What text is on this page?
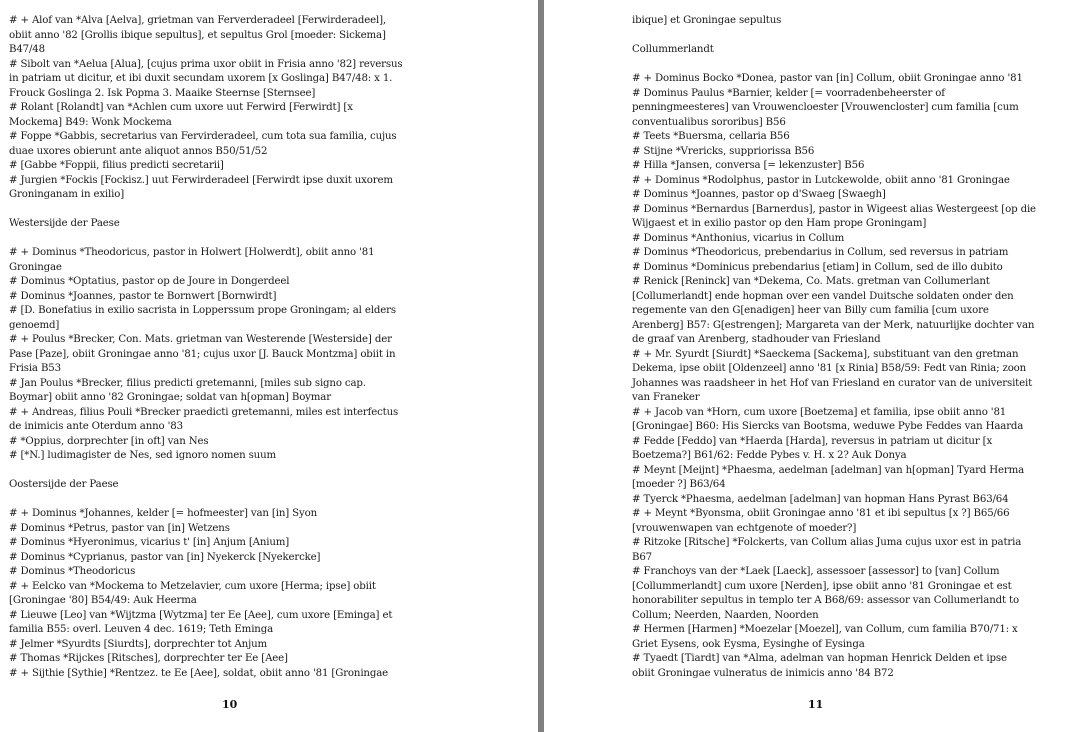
# + Alof van *Alva [Aelva], grietman van Ferverderadeel [Ferwirderadeel],
obiit anno '82 [Grollis ibique sepultus], et sepultus Grol [moeder: Sickema]
B47/48
# Sibolt van *Aelua [Alua], [cujus prima uxor obiit in Frisia anno '82] reversus
in patriam ut dicitur, et ibi duxit secundam uxorem [x Goslinga] B47/48: x 1.
Frouck Goslinga 2. Isk Popma 3. Maaike Steernse [Sternsee]
# Rolant [Rolandt] van *Achlen cum uxore uut Ferwird [Ferwirdt] [x
Mockema] B49: Wonk Mockema
# Foppe *Gabbis, secretarius van Fervirderadeel, cum tota sua familia, cujus
duae uxores obierunt ante aliquot annos B50/51/52
# [Gabbe *Foppii, filius predicti secretarii]
# Jurgien *Fockis [Fockisz.] uut Ferwirderadeel [Ferwirdt ipse duxit uxorem
Groninganam in exilio]
Westersijde der Paese
# + Dominus *Theodoricus, pastor in Holwert [Holwerdt], obiit anno '81
Groningae
# Dominus *Optatius, pastor op de Joure in Dongerdeel
# Dominus *Joannes, pastor te Bornwert [Bornwirdt]
# [D. Bonefatius in exilio sacrista in Lopperssum prope Groningam; al elders
genoemd]
# + Poulus *Brecker, Con. Mats. grietman van Westerende [Westerside] der
Pase [Paze], obiit Groningae anno '81; cujus uxor [J. Bauck Montzma] obiit in
Frisia B53
# Jan Poulus *Brecker, filius predicti gretemanni, [miles sub signo cap.
Boymar] obiit anno '82 Groningae; soldat van h[opman] Boymar
# + Andreas, filius Pouli *Brecker praedicti gretemanni, miles est interfectus
de inimicis ante Oterdum anno '83
# *Oppius, dorprechter [in oft] van Nes
# [*N.] ludimagister de Nes, sed ignoro nomen suum
Oostersijde der Paese
# + Dominus *Johannes, kelder [= hofmeester] van [in] Syon
# Dominus *Petrus, pastor van [in] Wetzens
# Dominus *Hyeronimus, vicarius t' [in] Anjum [Anium]
# Dominus *Cyprianus, pastor van [in] Nyekerck [Nyekercke]
# Dominus *Theodoricus
# + Eelcko van *Mockema to Metzelavier, cum uxore [Herma; ipse] obiit
[Groningae '80] B54/49: Auk Heerma
# Lieuwe [Leo] van *Wijtzma [Wytzma] ter Ee [Aee], cum uxore [Eminga] et
familia B55: overl. Leuven 4 dec. 1619; Teth Eminga
# Jelmer *Syurdts [Siurdts], dorprechter tot Anjum
# Thomas *Rijckes [Ritsches], dorprechter ter Ee [Aee]
# + Sijthie [Sythie] *Rentzez. te Ee [Aee], soldat, obiit anno '81 [Groningae
10
ibique] et Groningae sepultus
Collummerlandt
# + Dominus Bocko *Donea, pastor van [in] Collum, obiit Groningae anno '81
# Dominus Paulus *Barnier, kelder [= voorradenbeheerster of
penningmeesteres] van Vrouwencloester [Vrouwencloster] cum familia [cum
conventualibus sororibus] B56
# Teets *Buersma, cellaria B56
# Stijne *Vrericks, suppriorissa B56
# Hilla *Jansen, conversa [= lekenzuster] B56
# + Dominus *Rodolphus, pastor in Lutckewolde, obiit anno '81 Groningae
# Dominus *Joannes, pastor op d'Swaeg [Swaegh]
# Dominus *Bernardus [Barnerdus], pastor in Wigeest alias Westergeest [op die
Wijgaest et in exilio pastor op den Ham prope Groningam]
# Dominus *Anthonius, vicarius in Collum
# Dominus *Theodoricus, prebendarius in Collum, sed reversus in patriam
# Dominus *Dominicus prebendarius [etiam] in Collum, sed de illo dubito
# Renick [Reninck] van *Dekema, Co. Mats. gretman van Collumerlant
[Collumerlandt] ende hopman over een vandel Duitsche soldaten onder den
regemente van den G[enadigen] heer van Billy cum familia [cum uxore
Arenberg] B57: G[estrengen]; Margareta van der Merk, natuurlijke dochter van
de graaf van Arenberg, stadhouder van Friesland
# + Mr. Syurdt [Siurdt] *Saeckema [Sackema], substituant van den gretman
Dekema, ipse obiit [Oldenzeel] anno '81 [x Rinia] B58/59: Fedt van Rinia; zoon
Johannes was raadsheer in het Hof van Friesland en curator van de universiteit
van Franeker
# + Jacob van *Horn, cum uxore [Boetzema] et familia, ipse obiit anno '81
[Groningae] B60: His Siercks van Bootsma, weduwe Pybe Feddes van Haarda
# Fedde [Feddo] van *Haerda [Harda], reversus in patriam ut dicitur [x
Boetzema?] B61/62: Fedde Pybes v. H. x 2? Auk Donya
# Meynt [Meijnt] *Phaesma, aedelman [adelman] van h[opman] Tyard Herma
[moeder ?] B63/64
# Tyerck *Phaesma, aedelman [adelman] van hopman Hans Pyrast B63/64
# + Meynt *Byonsma, obiit Groningae anno '81 et ibi sepultus [x ?] B65/66
[vrouwenwapen van echtgenote of moeder?]
# Ritzoke [Ritsche] *Folckerts, van Collum alias Juma cujus uxor est in patria
B67
# Franchoys van der *Laek [Laeck], assessoer [assessor] to [van] Collum
[Collummerlandt] cum uxore [Nerden], ipse obiit anno '81 Groningae et est
honorabiliter sepultus in templo ter A B68/69: assessor van Collumerlandt to
Collum; Neerden, Naarden, Noorden
# Hermen [Harmen] *Moezelar [Moezel], van Collum, cum familia B70/71: x
Griet Eysens, ook Eysma, Eysinghe of Eysinga
# Tyaedt [Tiardt] van *Alma, adelman van hopman Henrick Delden et ipse
obiit Groningae vulneratus de inimicis anno '84 B72
11
